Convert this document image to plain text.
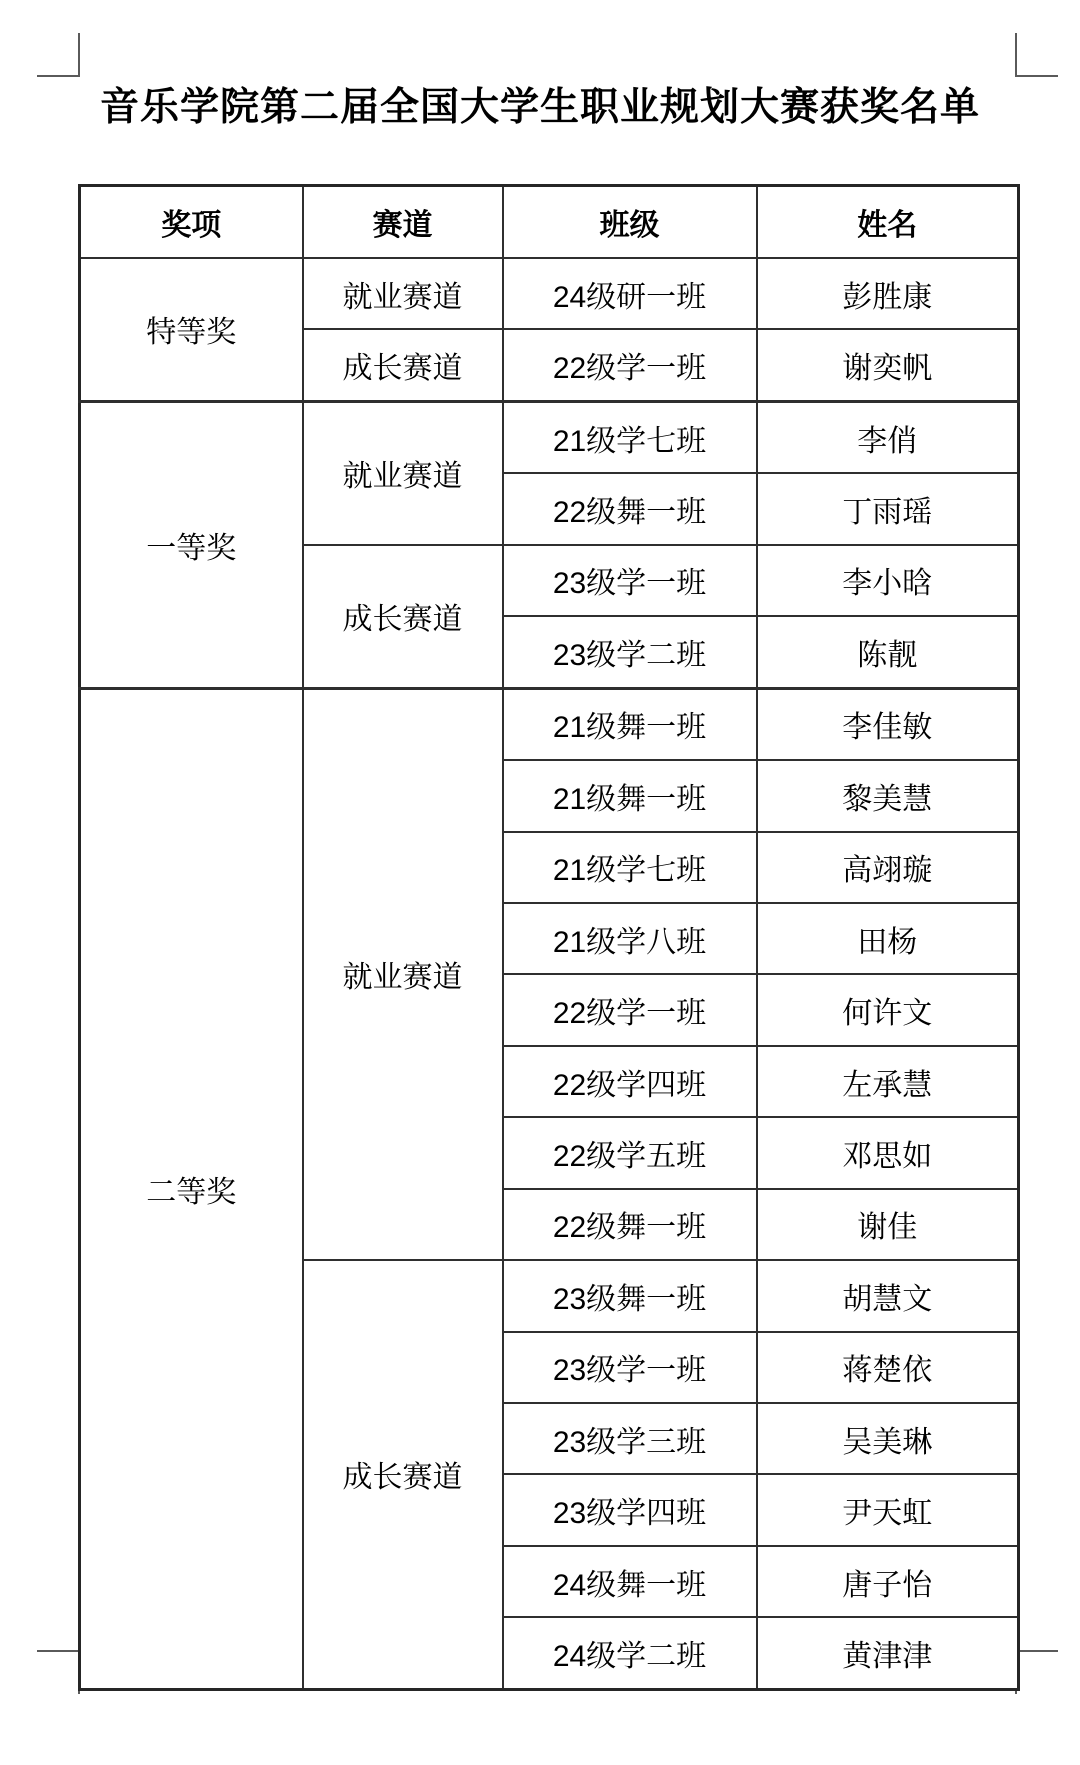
音乐学院第二届全国大学生职业规划大赛获奖名单
奖项	赛道	班级	姓名
特等奖	就业赛道	24级研一班	彭胜康
	成长赛道	22级学一班	谢奕帆
一等奖	就业赛道	21级学七班	李俏
		22级舞一班	丁雨瑶
	成长赛道	23级学一班	李小晗
		23级学二班	陈靓
二等奖	就业赛道	21级舞一班	李佳敏
		21级舞一班	黎美慧
		21级学七班	高翊璇
		21级学八班	田杨
		22级学一班	何许文
		22级学四班	左承慧
		22级学五班	邓思如
		22级舞一班	谢佳
	成长赛道	23级舞一班	胡慧文
		23级学一班	蒋楚依
		23级学三班	吴美琳
		23级学四班	尹天虹
		24级舞一班	唐子怡
		24级学二班	黄津津
